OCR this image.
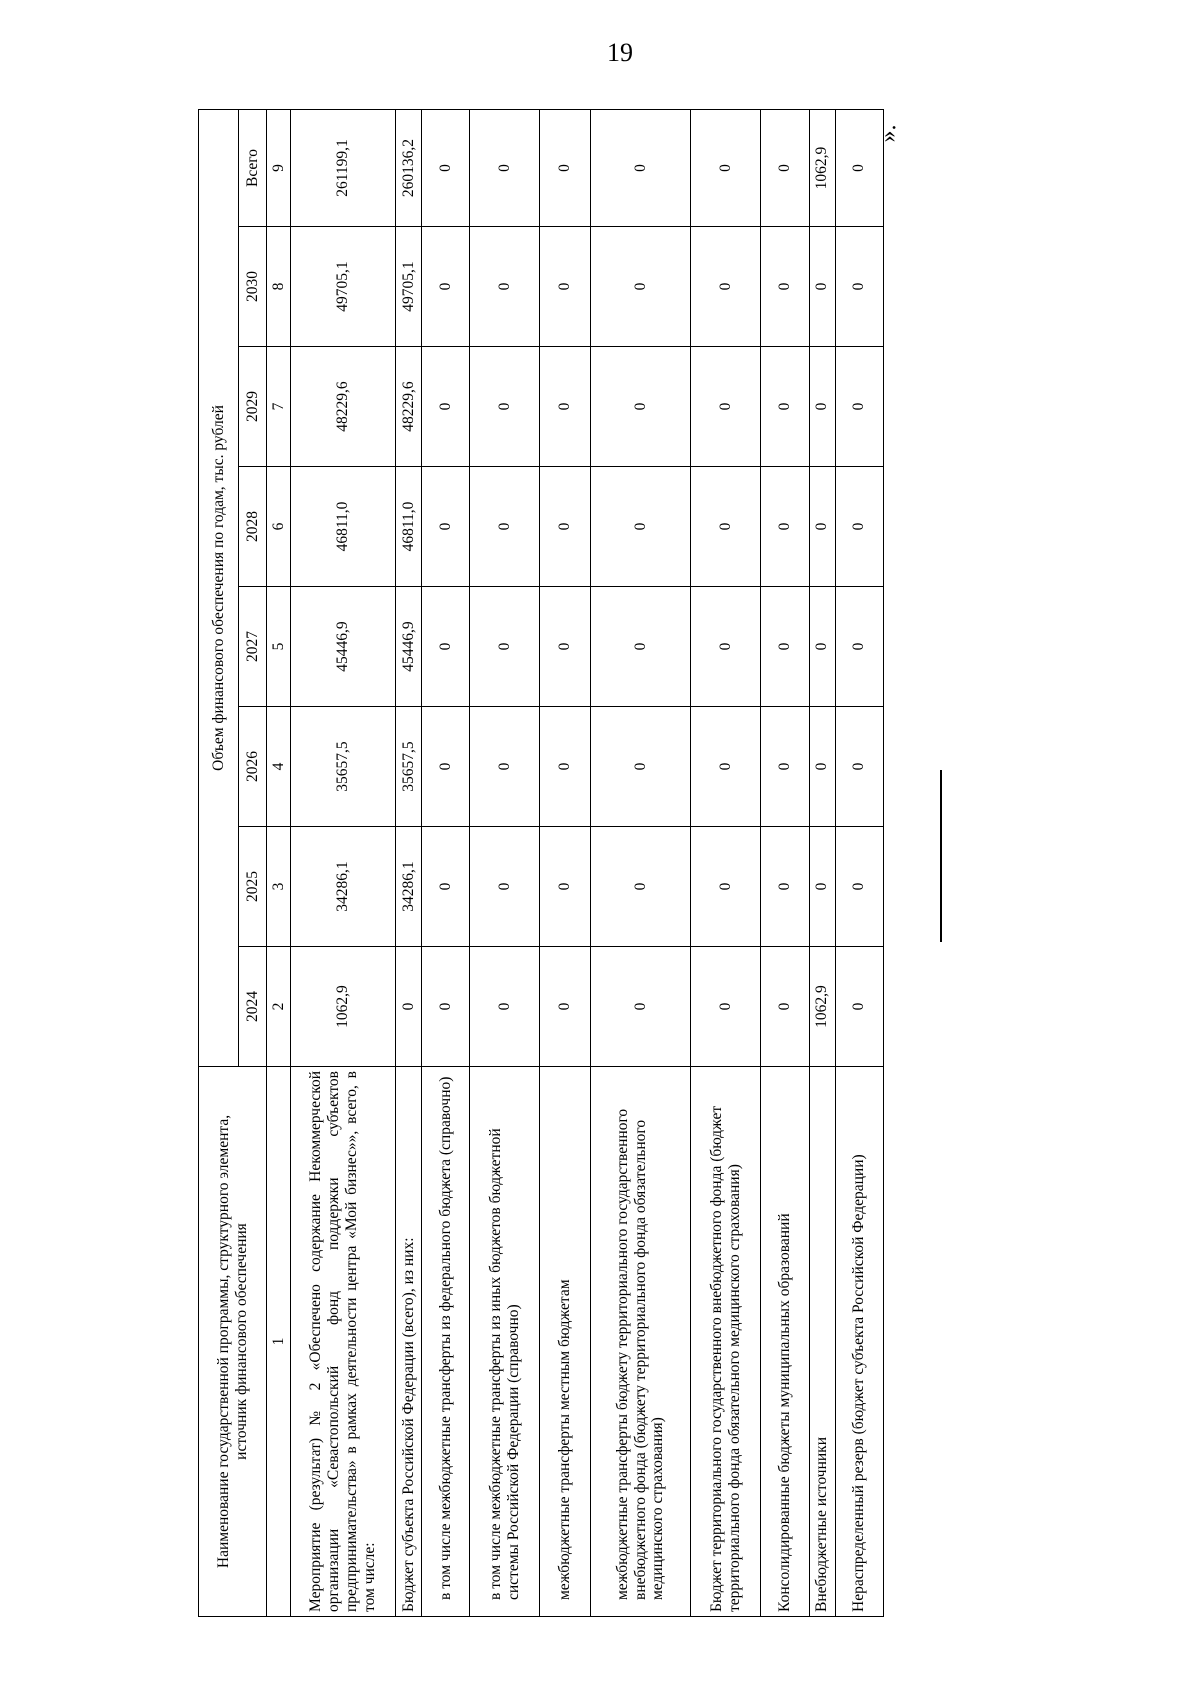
19
».
Наименование государственной программы, структурного элемента,
источник финансового обеспечения	Объем финансового обеспечения по годам, тыс. рублей							
	2024	2025	2026	2027	2028	2029	2030	Всего
1	2	3	4	5	6	7	8	9
Мероприятие (результат) № 2 «Обеспечено содержание Некоммерческой организации «Севастопольский фонд поддержки субъектов предпринимательства» в рамках деятельности центра «Мой бизнес»», всего, в том числе:	1062,9	34286,1	35657,5	45446,9	46811,0	48229,6	49705,1	261199,1
Бюджет субъекта Российской Федерации (всего), из них:	0	34286,1	35657,5	45446,9	46811,0	48229,6	49705,1	260136,2
в том числе межбюджетные трансферты из федерального бюджета (справочно)	0	0	0	0	0	0	0	0
в том числе межбюджетные трансферты из иных бюджетов бюджетной системы Российской Федерации (справочно)	0	0	0	0	0	0	0	0
межбюджетные трансферты местным бюджетам	0	0	0	0	0	0	0	0
межбюджетные трансферты бюджету территориального государственного внебюджетного фонда (бюджету территориального фонда обязательного медицинского страхования)	0	0	0	0	0	0	0	0
Бюджет территориального государственного внебюджетного фонда (бюджет территориального фонда обязательного медицинского страхования)	0	0	0	0	0	0	0	0
Консолидированные бюджеты муниципальных образований	0	0	0	0	0	0	0	0
Внебюджетные источники	1062,9	0	0	0	0	0	0	1062,9
Нераспределенный резерв (бюджет субъекта Российской Федерации)	0	0	0	0	0	0	0	0
